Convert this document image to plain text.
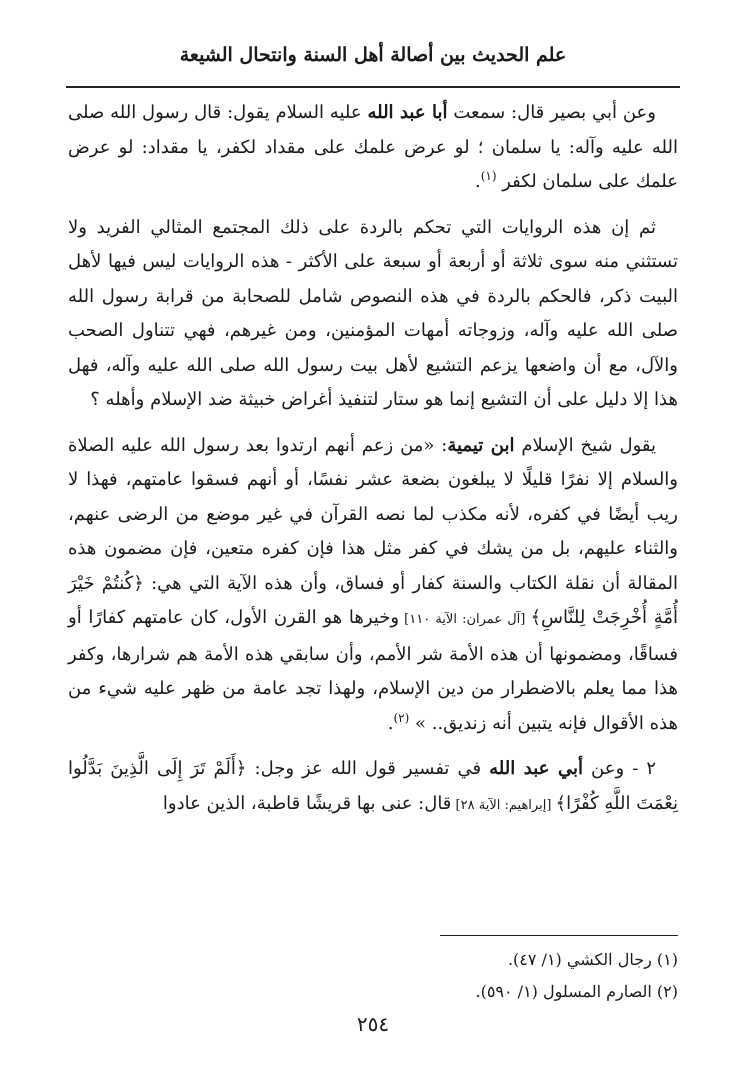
علم الحديث بين أصالة أهل السنة وانتحال الشيعة

وعن أبي بصير قال: سمعت أبا عبد الله عليه السلام يقول: قال رسول الله صلى الله عليه وآله: يا سلمان ؛ لو عرض علمك على مقداد لكفر، يا مقداد: لو عرض علمك على سلمان لكفر $^{(١)}$.

ثم إن هذه الروايات التي تحكم بالردة على ذلك المجتمع المثالي الفريد ولا تستثني منه سوى ثلاثة أو أربعة أو سبعة على الأكثر - هذه الروايات ليس فيها لأهل البيت ذكر، فالحكم بالردة في هذه النصوص شامل للصحابة من قرابة رسول الله صلى الله عليه وآله، وزوجاته أمهات المؤمنين، ومن غيرهم، فهي تتناول الصحب والآل، مع أن واضعها يزعم التشيع لأهل بيت رسول الله صلى الله عليه وآله، فهل هذا إلا دليل على أن التشيع إنما هو ستار لتنفيذ أغراض خبيثة ضد الإسلام وأهله ؟

يقول شيخ الإسلام ابن تيمية: «من زعم أنهم ارتدوا بعد رسول الله عليه الصلاة والسلام إلا نفرًا قليلًا لا يبلغون بضعة عشر نفسًا، أو أنهم فسقوا عامتهم، فهذا لا ريب أيضًا في كفره، لأنه مكذب لما نصه القرآن في غير موضع من الرضى عنهم، والثناء عليهم، بل من يشك في كفر مثل هذا فإن كفره متعين، فإن مضمون هذه المقالة أن نقلة الكتاب والسنة كفار أو فساق، وأن هذه الآية التي هي: ﴿كُنتُمْ خَيْرَ أُمَّةٍ أُخْرِجَتْ لِلنَّاسِ﴾ [آل عمران: الآية ١١٠] وخيرها هو القرن الأول، كان عامتهم كفارًا أو فساقًا، ومضمونها أن هذه الأمة شر الأمم، وأن سابقي هذه الأمة هم شرارها، وكفر هذا مما يعلم بالاضطرار من دين الإسلام، ولهذا تجد عامة من ظهر عليه شيء من هذه الأقوال فإنه يتبين أنه زنديق.. » $^{(٢)}$.

٢ - وعن أبي عبد الله في تفسير قول الله عز وجل: ﴿أَلَمْ تَرَ إِلَى الَّذِينَ بَدَّلُوا نِعْمَتَ اللَّهِ كُفْرًا﴾ [إبراهيم: الآية ٢٨] قال: عنى بها قريشًا قاطبة، الذين عادوا

(١) رجال الكشي (١/ ٤٧).
(٢) الصارم المسلول (١/ ٥٩٠).
٢٥٤
